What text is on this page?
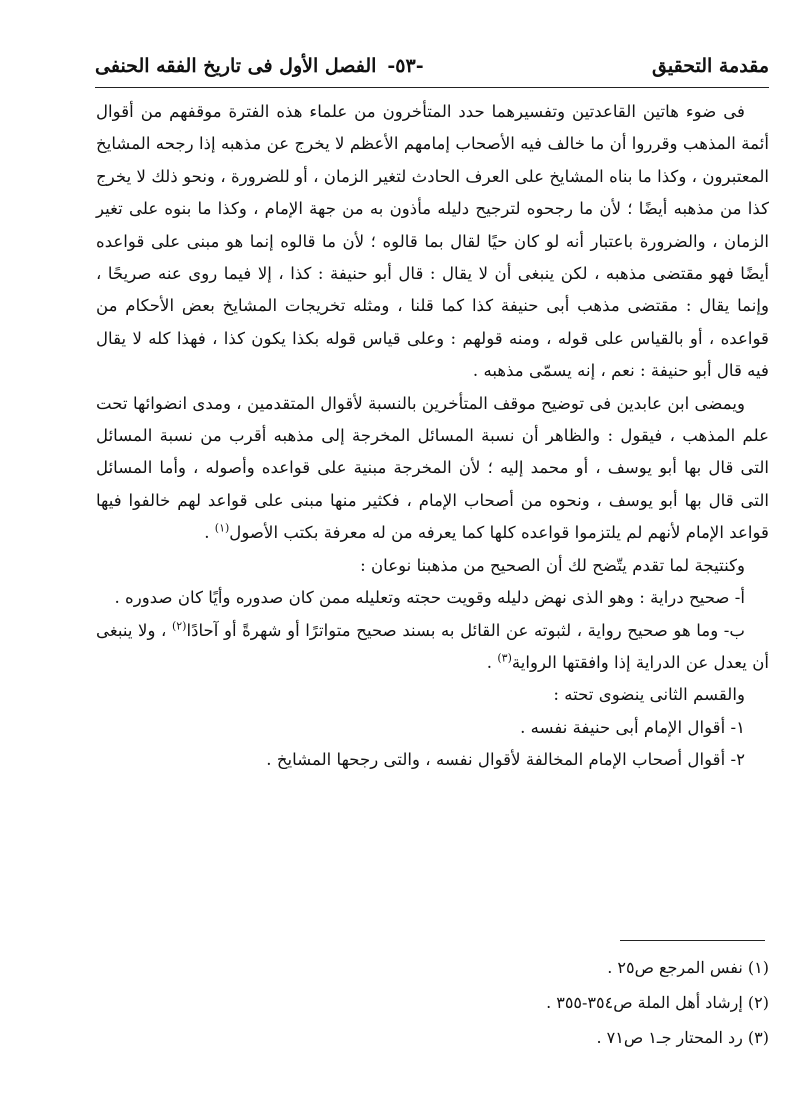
مقدمة التحقيق
-٥٣-
الفصل الأول فى تاريخ الفقه الحنفى

فى ضوء هاتين القاعدتين وتفسيرهما حدد المتأخرون من علماء هذه الفترة موقفهم من أقوال أئمة المذهب وقرروا أن ما خالف فيه الأصحاب إمامهم الأعظم لا يخرج عن مذهبه إذا رجحه المشايخ المعتبرون ، وكذا ما بناه المشايخ على العرف الحادث لتغير الزمان ، أو للضرورة ، ونحو ذلك لا يخرج كذا من مذهبه أيضًا ؛ لأن ما رجحوه لترجيح دليله مأذون به من جهة الإمام ، وكذا ما بنوه على تغير الزمان ، والضرورة باعتبار أنه لو كان حيًا لقال بما قالوه ؛ لأن ما قالوه إنما هو مبنى على قواعده أيضًا فهو مقتضى مذهبه ، لكن ينبغى أن لا يقال : قال أبو حنيفة : كذا ، إلا فيما روى عنه صريحًا ، وإنما يقال : مقتضى مذهب أبى حنيفة كذا كما قلنا ، ومثله تخريجات المشايخ بعض الأحكام من قواعده ، أو بالقياس على قوله ، ومنه قولهم : وعلى قياس قوله بكذا يكون كذا ، فهذا كله لا يقال فيه قال أبو حنيفة : نعم ، إنه يسمّى مذهبه .

ويمضى ابن عابدين فى توضيح موقف المتأخرين بالنسبة لأقوال المتقدمين ، ومدى انضوائها تحت علم المذهب ، فيقول : والظاهر أن نسبة المسائل المخرجة إلى مذهبه أقرب من نسبة المسائل التى قال بها أبو يوسف ، أو محمد إليه ؛ لأن المخرجة مبنية على قواعده وأصوله ، وأما المسائل التى قال بها أبو يوسف ، ونحوه من أصحاب الإمام ، فكثير منها مبنى على قواعد لهم خالفوا فيها قواعد الإمام لأنهم لم يلتزموا قواعده كلها كما يعرفه من له معرفة بكتب الأصول$^{(١)}$ .

وكنتيجة لما تقدم يتّضح لك أن الصحيح من مذهبنا نوعان :

أ- صحيح دراية : وهو الذى نهض دليله وقويت حجته وتعليله ممن كان صدوره وأيًا كان صدوره .

ب- وما هو صحيح رواية ، لثبوته عن القائل به بسند صحيح متواترًا أو شهرةً أو آحادًا$^{(٢)}$ ، ولا ينبغى أن يعدل عن الدراية إذا وافقتها الرواية$^{(٣)}$ .

والقسم الثانى ينضوى تحته :

١- أقوال الإمام أبى حنيفة نفسه .

٢- أقوال أصحاب الإمام المخالفة لأقوال نفسه ، والتى رجحها المشايخ .

(١) نفس المرجع ص٢٥ .
(٢) إرشاد أهل الملة ص٣٥٤-٣٥٥ .
(٣) رد المحتار جـ١ ص٧١ .
